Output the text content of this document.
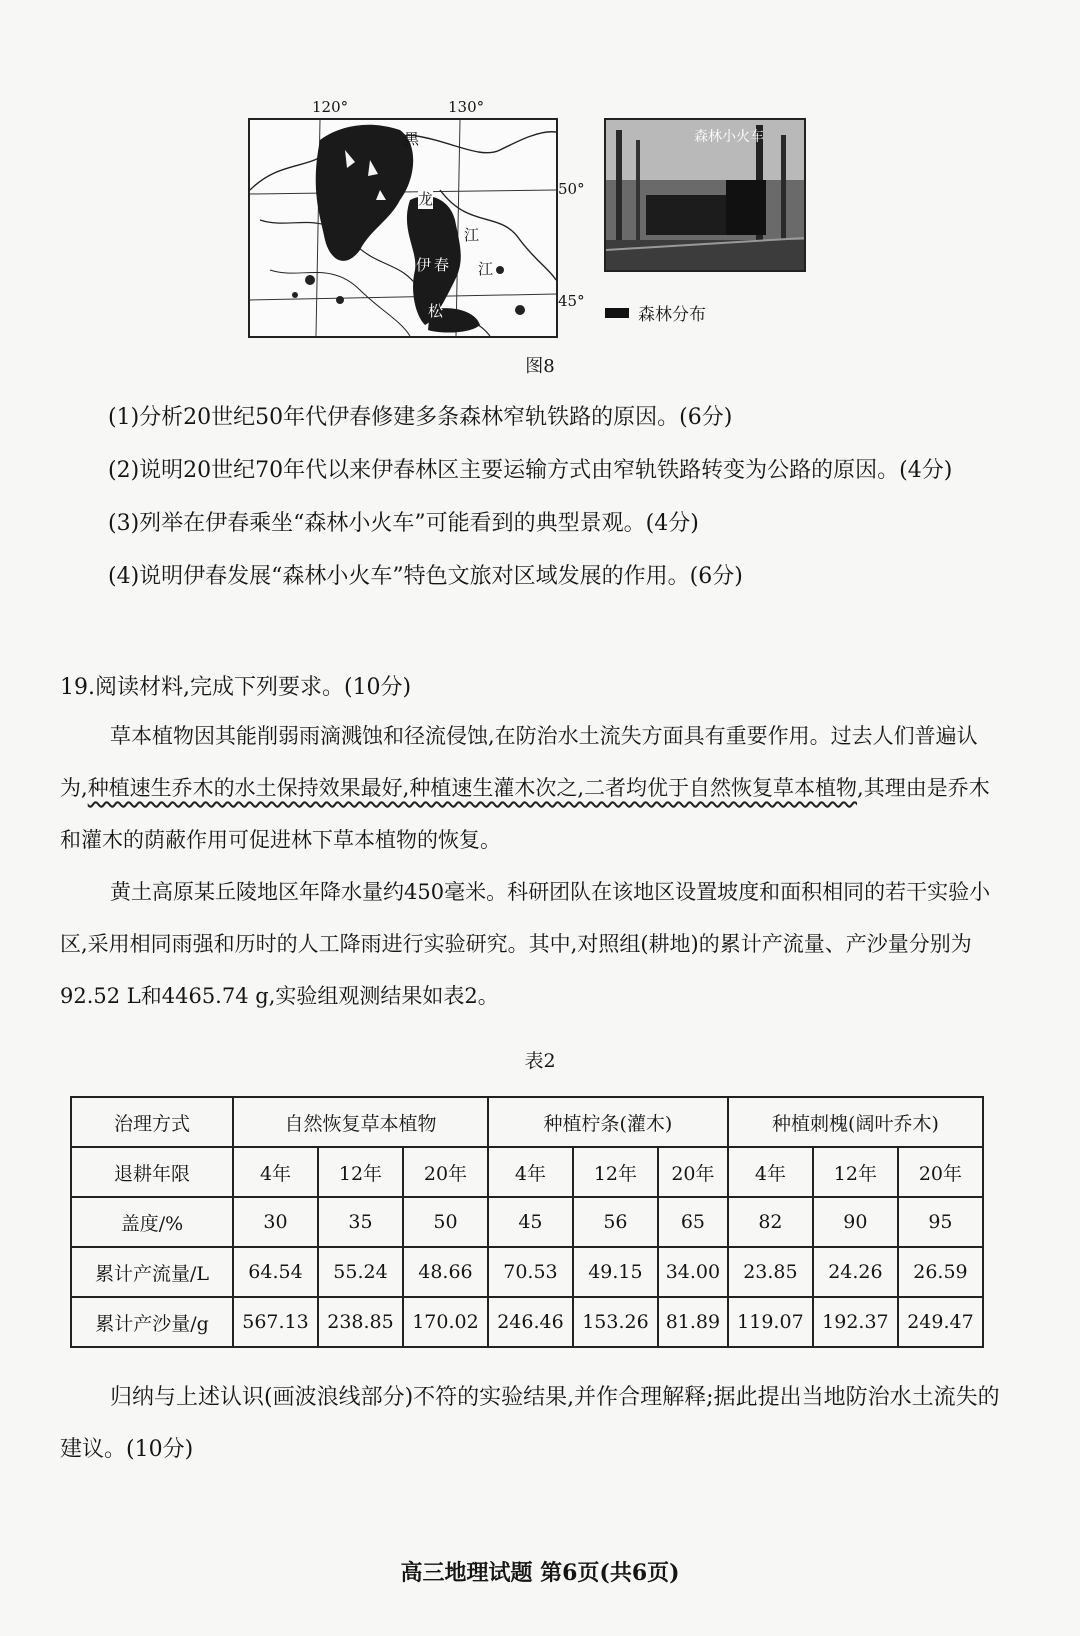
120°	130°
黑
龙
江
伊 春 江
松
50°
45°
森林小火车
森林分布
图8
(1)分析20世纪50年代伊春修建多条森林窄轨铁路的原因。(6分)
(2)说明20世纪70年代以来伊春林区主要运输方式由窄轨铁路转变为公路的原因。(4分)
(3)列举在伊春乘坐“森林小火车”可能看到的典型景观。(4分)
(4)说明伊春发展“森林小火车”特色文旅对区域发展的作用。(6分)
19.阅读材料,完成下列要求。(10分)
草本植物因其能削弱雨滴溅蚀和径流侵蚀,在防治水土流失方面具有重要作用。过去人们普遍认为,种植速生乔木的水土保持效果最好,种植速生灌木次之,二者均优于自然恢复草本植物,其理由是乔木和灌木的荫蔽作用可促进林下草本植物的恢复。
黄土高原某丘陵地区年降水量约450毫米。科研团队在该地区设置坡度和面积相同的若干实验小区,采用相同雨强和历时的人工降雨进行实验研究。其中,对照组(耕地)的累计产流量、产沙量分别为92.52 L和4465.74 g,实验组观测结果如表2。
表2
治理方式	自然恢复草本植物			种植柠条(灌木)			种植刺槐(阔叶乔木)		
退耕年限	4年	12年	20年	4年	12年	20年	4年	12年	20年
盖度/%	30	35	50	45	56	65	82	90	95
累计产流量/L	64.54	55.24	48.66	70.53	49.15	34.00	23.85	24.26	26.59
累计产沙量/g	567.13	238.85	170.02	246.46	153.26	81.89	119.07	192.37	249.47
归纳与上述认识(画波浪线部分)不符的实验结果,并作合理解释;据此提出当地防治水土流失的建议。(10分)
高三地理试题 第6页(共6页)
